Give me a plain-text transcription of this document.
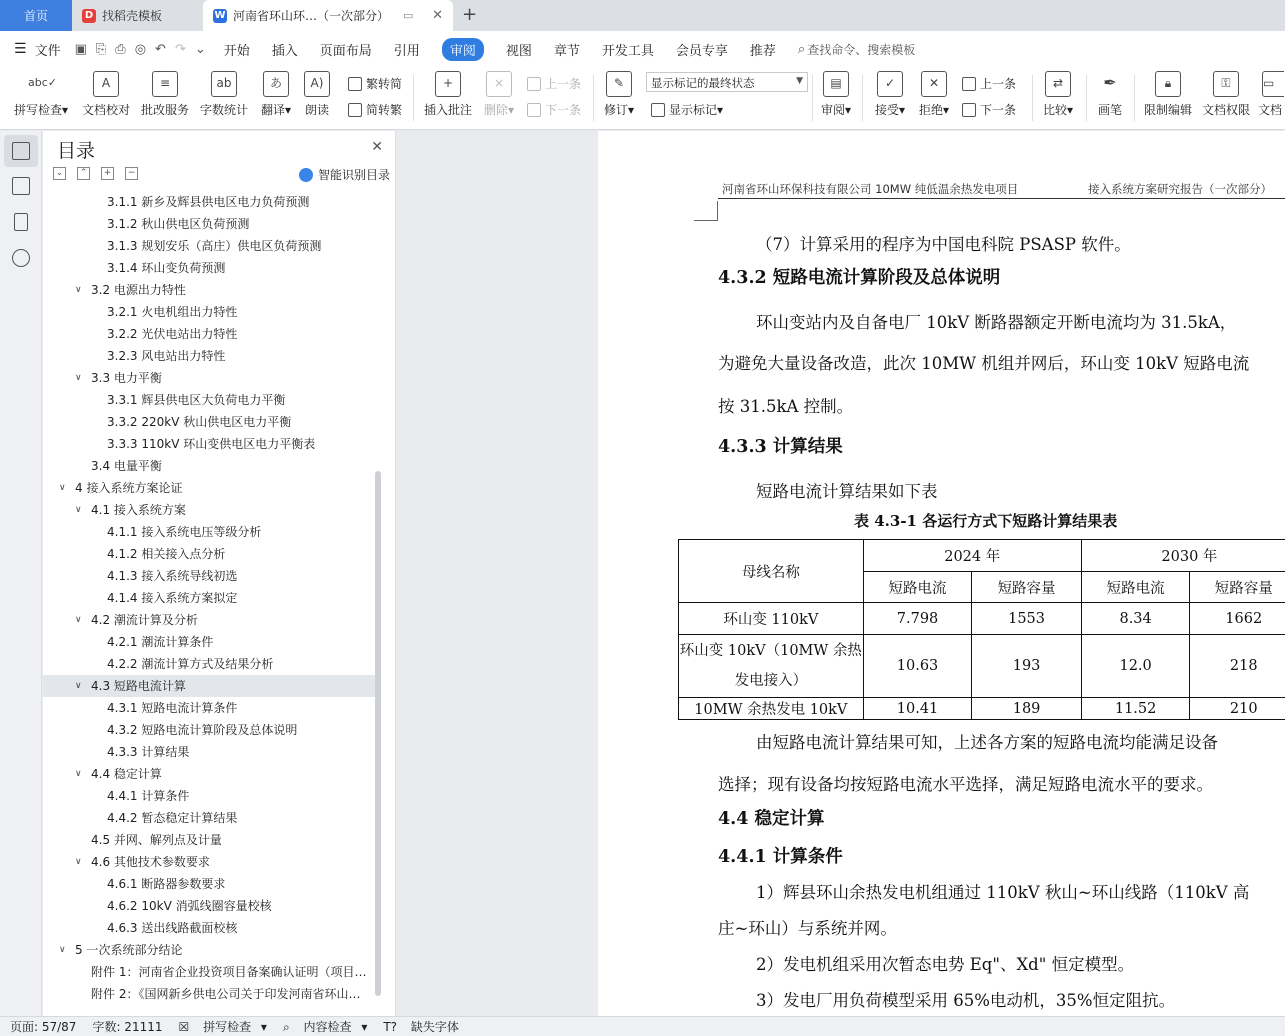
首页	D 找稻壳模板	W 河南省环山环…（一次部分） ▭ ✕ +
☰ 文件 ▣ ⎘ ⎙ ◎ ↶ ↷ ⌄ 开始 插入 页面布局 引用	审阅	视图 章节 开发工具 会员专享 推荐 ⌕ 查找命令、搜索模板
abc✓
拼写检查▾
A
文档校对
≡
批改服务
ab
字数统计
あ
翻译▾
A)
朗读
繁转简
简转繁
+
插入批注
×
删除▾
上一条
下一条
✎
修订▾
显示标记的最终状态	▼
显示标记 ▾
▤
审阅▾
✓
接受▾
✕
拒绝▾
上一条
下一条
⇄
比较▾
✒
画笔
🔒︎
限制编辑
⚿
文档权限
▭
文档
目录	✕
⌄	⌃	+	−	智能识别目录
3.1.1 新乡及辉县供电区电力负荷预测
3.1.2 秋山供电区负荷预测
3.1.3 规划安乐（高庄）供电区负荷预测
3.1.4 环山变负荷预测
∨ 3.2 电源出力特性
3.2.1 火电机组出力特性
3.2.2 光伏电站出力特性
3.2.3 风电站出力特性
∨ 3.3 电力平衡
3.3.1 辉县供电区大负荷电力平衡
3.3.2 220kV 秋山供电区电力平衡
3.3.3 110kV 环山变供电区电力平衡表
3.4 电量平衡
∨ 4 接入系统方案论证
∨ 4.1 接入系统方案
4.1.1 接入系统电压等级分析
4.1.2 相关接入点分析
4.1.3 接入系统导线初选
4.1.4 接入系统方案拟定
∨ 4.2 潮流计算及分析
4.2.1 潮流计算条件
4.2.2 潮流计算方式及结果分析
∨ 4.3 短路电流计算
4.3.1 短路电流计算条件
4.3.2 短路电流计算阶段及总体说明
4.3.3 计算结果
∨ 4.4 稳定计算
4.4.1 计算条件
4.4.2 暂态稳定计算结果
4.5 并网、解列点及计量
∨ 4.6 其他技术参数要求
4.6.1 断路器参数要求
4.6.2 10kV 消弧线圈容量校核
4.6.3 送出线路截面校核
∨ 5 一次系统部分结论
附件 1：河南省企业投资项目备案确认证明（项目…
附件 2：《国网新乡供电公司关于印发河南省环山…
河南省环山环保科技有限公司 10MW 纯低温余热发电项目	接入系统方案研究报告（一次部分）
（7）计算采用的程序为中国电科院 PSASP 软件。
4.3.2 短路电流计算阶段及总体说明
环山变站内及自备电厂 10kV 断路器额定开断电流均为 31.5kA，
为避免大量设备改造，此次 10MW 机组并网后，环山变 10kV 短路电流
按 31.5kA 控制。
4.3.3 计算结果
短路电流计算结果如下表
表 4.3-1 各运行方式下短路计算结果表
母线名称	2024 年		2030 年	
	短路电流	短路容量	短路电流	短路容量
环山变 110kV	7.798	1553	8.34	1662
环山变 10kV（10MW 余热
发电接入）	10.63	193	12.0	218
10MW 余热发电 10kV	10.41	189	11.52	210
由短路电流计算结果可知，上述各方案的短路电流均能满足设备
选择；现有设备均按短路电流水平选择，满足短路电流水平的要求。
4.4 稳定计算
4.4.1 计算条件
1）辉县环山余热发电机组通过 110kV 秋山~环山线路（110kV 高
庄~环山）与系统并网。
2）发电机组采用次暂态电势 Eq"、Xd" 恒定模型。
3）发电厂用负荷模型采用 65%电动机，35%恒定阻抗。
页面: 57/87 字数: 21111 ☒ 拼写检查 ▾ ⌕ 内容检查 ▾ T? 缺失字体
